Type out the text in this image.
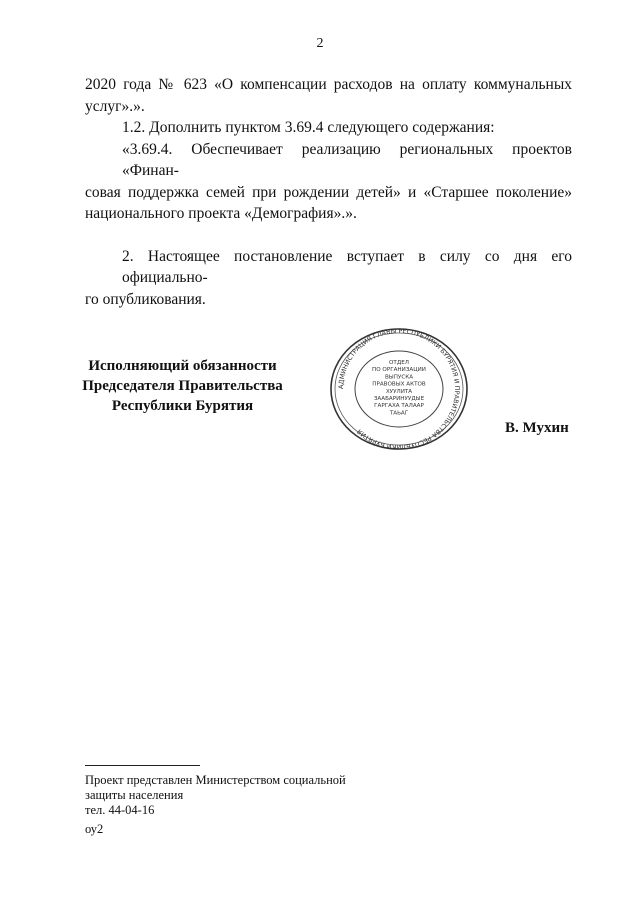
2
2020 года № 623 «О компенсации расходов на оплату коммунальных
услуг».».
1.2. Дополнить пунктом 3.69.4 следующего содержания:
«3.69.4. Обеспечивает реализацию региональных проектов «Финан-
совая поддержка семей при рождении детей» и «Старшее поколение»
национального проекта «Демография».».
2. Настоящее постановление вступает в силу со дня его официально-
го опубликования.
Исполняющий обязанности
Председателя Правительства
Республики Бурятия
АДМИНИСТРАЦИЯ ГЛАВЫ РЕСПУБЛИКИ БУРЯТИЯ И ПРАВИТЕЛЬСТВА РЕСПУБЛИКИ БУРЯТИЯ
ОТДЕЛ
ПО ОРГАНИЗАЦИИ
ВЫПУСКА
ПРАВОВЫХ АКТОВ
ХУУЛИТА
ЗААБАРИНУУДЫЕ
ГАРГАХА ТАЛААР
ТАЬАГ
В. Мухин
Проект представлен Министерством социальной
защиты населения
тел. 44-04-16
оу2
